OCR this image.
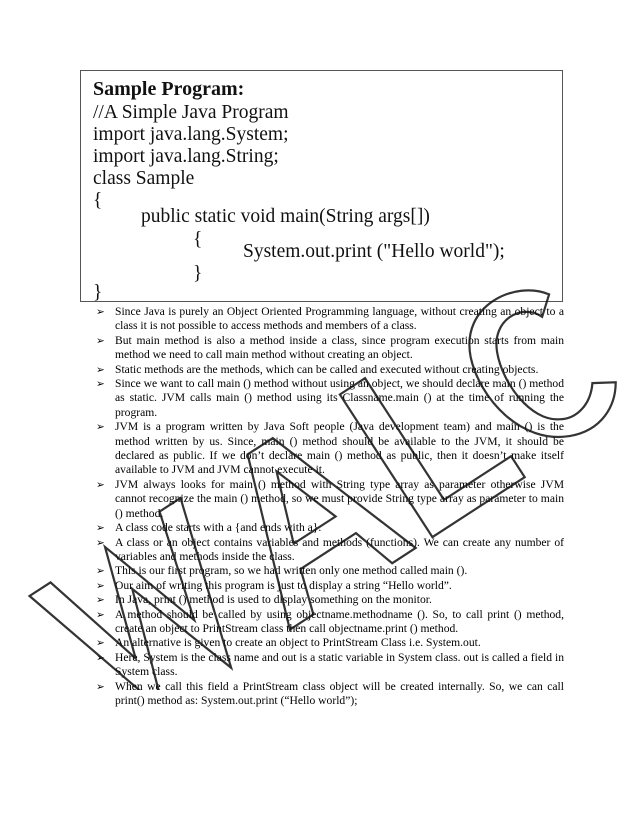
Sample Program:
//A Simple Java Program
import java.lang.System;
import java.lang.String;
class Sample
{
public static void main(String args[])
{
System.out.print ("Hello world");
}
}
➢ Since Java is purely an Object Oriented Programming language, without creating an object to a class it is not possible to access methods and members of a class.
➢ But main method is also a method inside a class, since program execution starts from main method we need to call main method without creating an object.
➢ Static methods are the methods, which can be called and executed without creating objects.
➢ Since we want to call main () method without using an object, we should declare main () method as static. JVM calls main () method using its Classname.main () at the time of running the program.
➢ JVM is a program written by Java Soft people (Java development team) and main () is the method written by us. Since, main () method should be available to the JVM, it should be declared as public. If we don’t declare main () method as public, then it doesn’t make itself available to JVM and JVM cannot execute it.
➢ JVM always looks for main () method with String type array as parameter otherwise JVM cannot recognize the main () method, so we must provide String type array as parameter to main () method.
➢ A class code starts with a {and ends with a}.
➢ A class or an object contains variables and methods (functions). We can create any number of variables and methods inside the class.
➢ This is our first program, so we had written only one method called main ().
➢ Our aim of writing this program is just to display a string “Hello world”.
➢ In Java, print () method is used to display something on the monitor.
➢ A method should be called by using objectname.methodname (). So, to call print () method, create an object to PrintStream class then call objectname.print () method.
➢ An alternative is given to create an object to PrintStream Class i.e. System.out.
➢ Here, System is the class name and out is a static variable in System class. out is called a field in System class.
➢ When we call this field a PrintStream class object will be created internally. So, we can call print() method as: System.out.print (“Hello world”);
